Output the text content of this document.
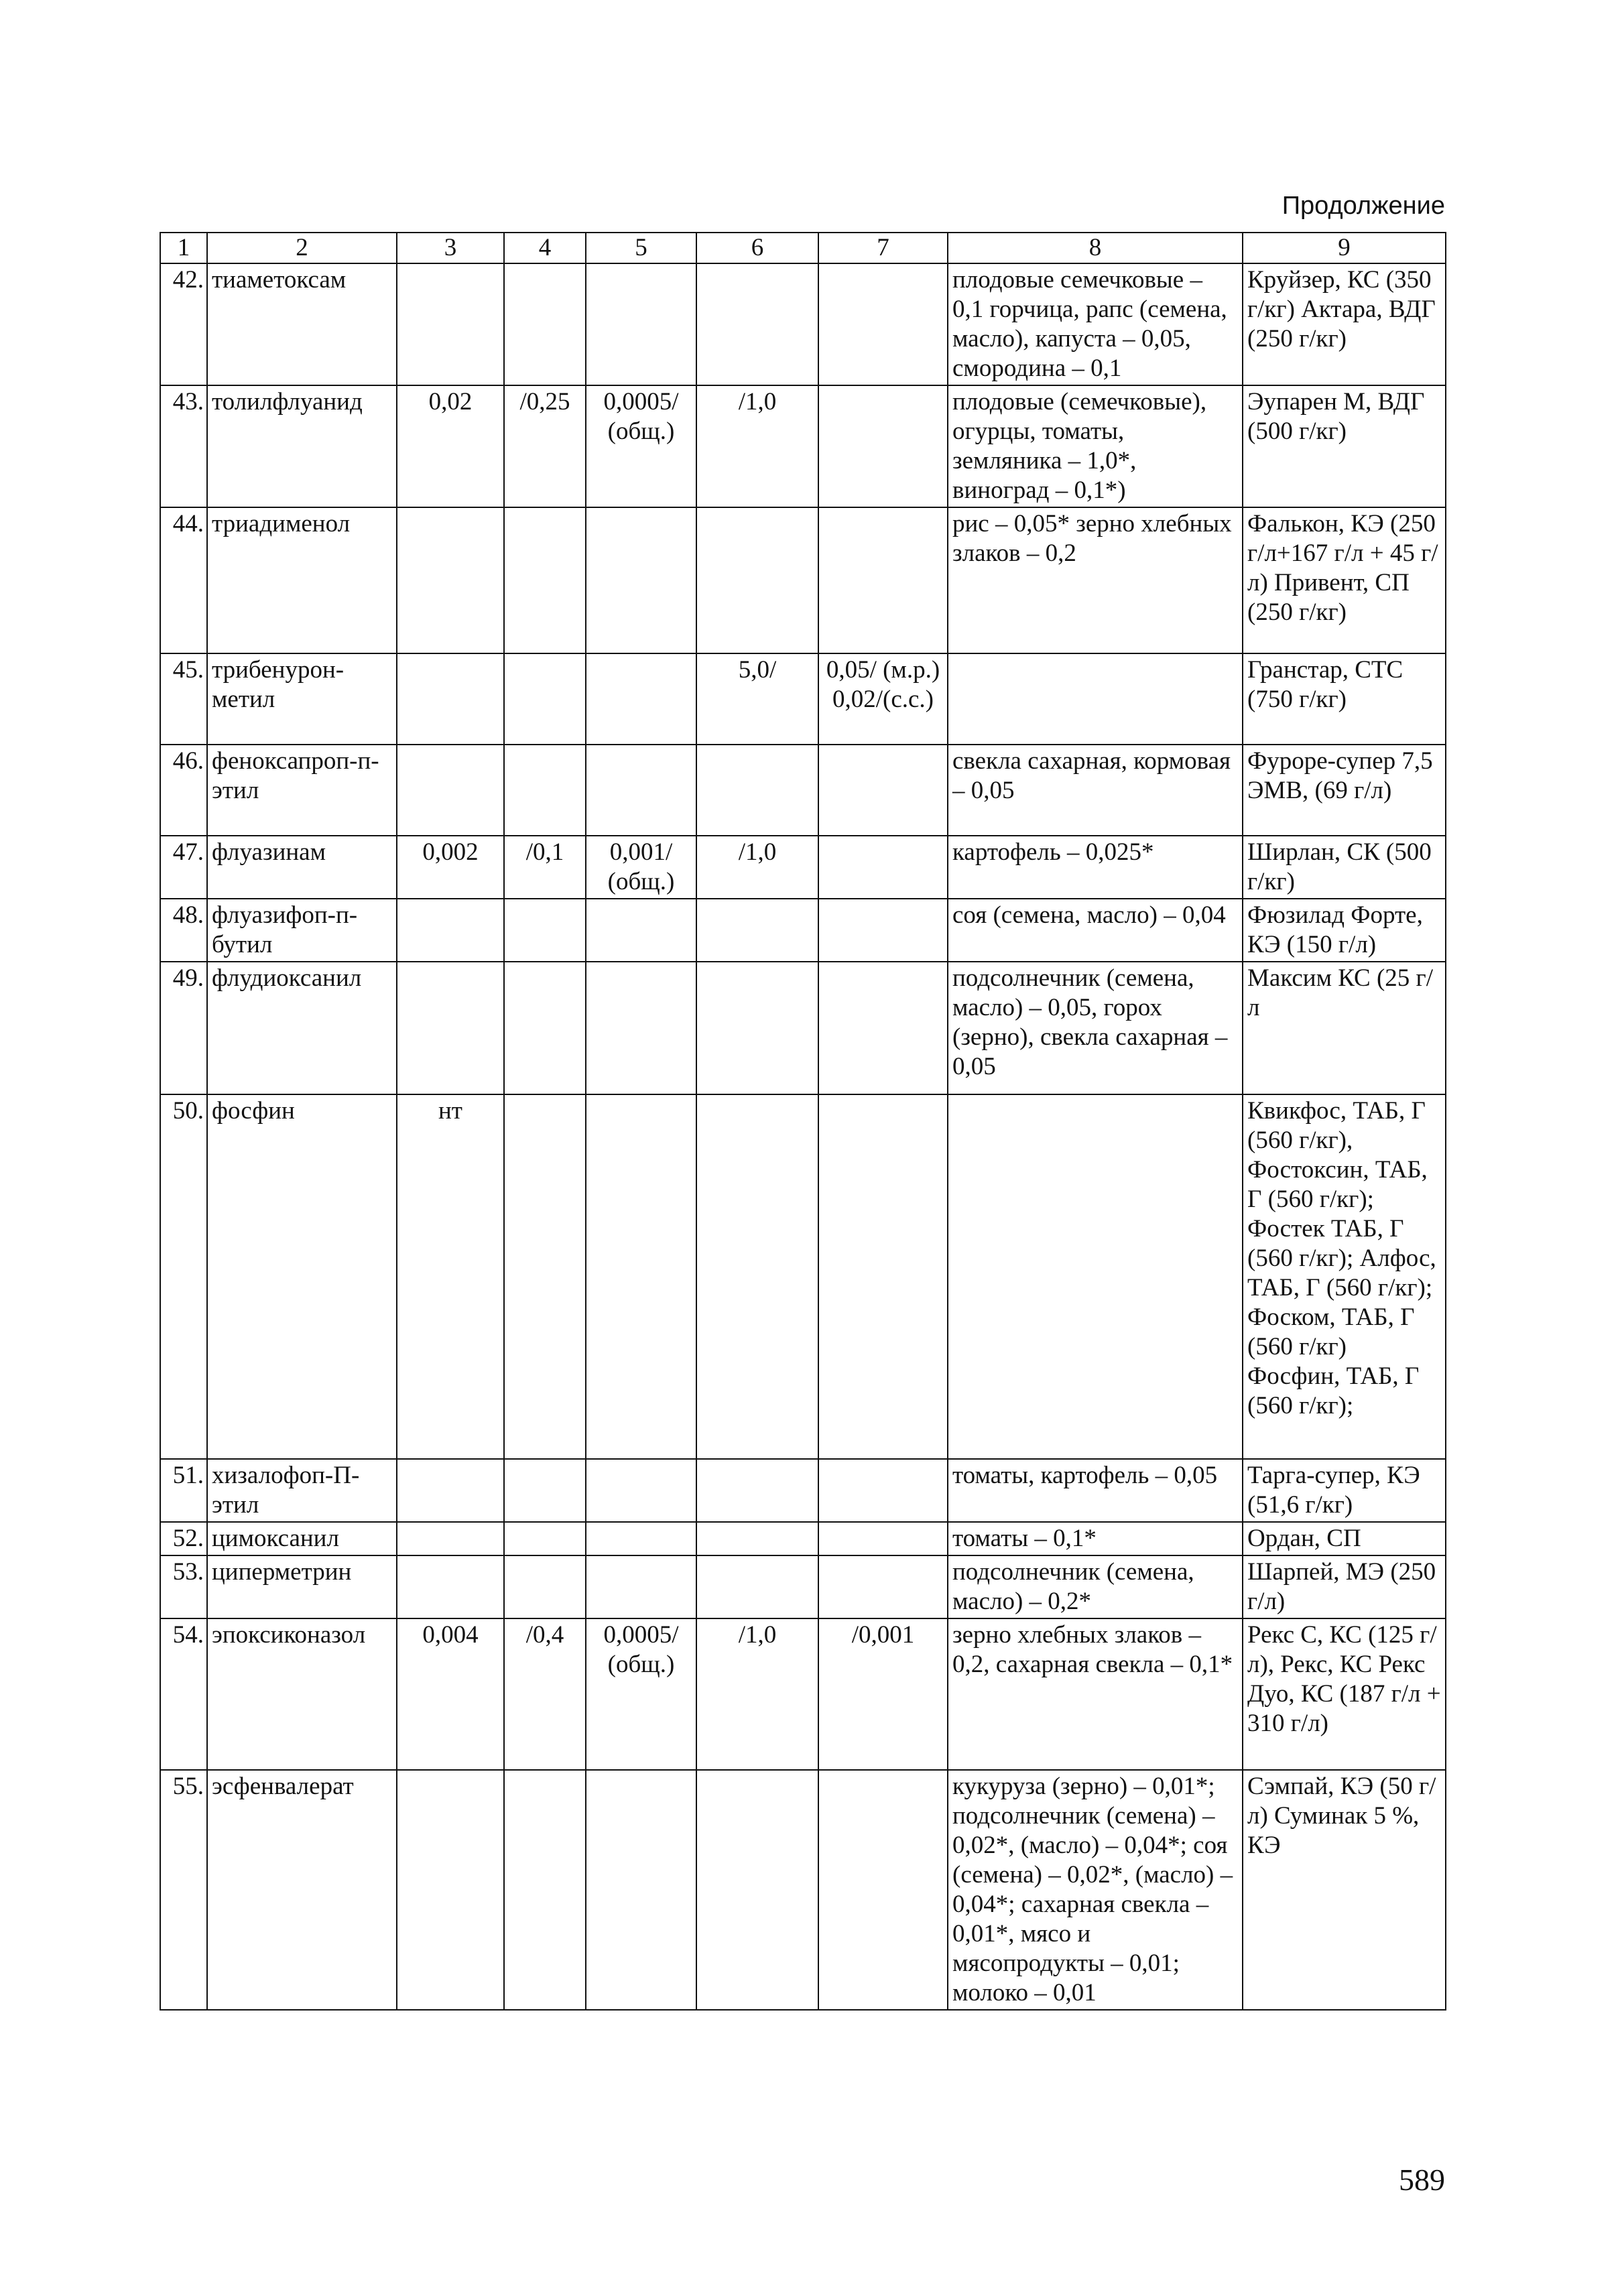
Продолжение
1	2	3	4	5	6	7	8	9
42.	тиаметоксам						плодовые семечковые – 0,1 горчица, рапс (семена, масло), капуста – 0,05, смородина – 0,1	Круйзер, КС (350 г/кг) Актара, ВДГ (250 г/кг)
43.	толилфлуанид	0,02	/0,25	0,0005/ (общ.)	/1,0		плодовые (семечковые), огурцы, томаты, земляника – 1,0*, виноград – 0,1*)	Эупарен М, ВДГ (500 г/кг)
44.	триадименол						рис – 0,05* зерно хлебных злаков – 0,2	Фалькон, КЭ (250 г/л+167 г/л + 45 г/л) Привент, СП (250 г/кг)
45.	трибенурон-метил				5,0/	0,05/ (м.р.) 0,02/(с.с.)		Гранстар, СТС (750 г/кг)
46.	феноксапроп-п-этил						свекла сахарная, кормовая – 0,05	Фуроре-супер 7,5 ЭМВ, (69 г/л)
47.	флуазинам	0,002	/0,1	0,001/ (общ.)	/1,0		картофель – 0,025*	Ширлан, СК (500 г/кг)
48.	флуазифоп-п-бутил						соя (семена, масло) – 0,04	Фюзилад Форте, КЭ (150 г/л)
49.	флудиоксанил						подсолнечник (семена, масло) – 0,05, горох (зерно), свекла сахарная – 0,05	Максим КС (25 г/л
50.	фосфин	нт						Квикфос, ТАБ, Г (560 г/кг), Фостоксин, ТАБ, Г (560 г/кг); Фостек ТАБ, Г (560 г/кг); Алфос, ТАБ, Г (560 г/кг); Фоском, ТАБ, Г (560 г/кг) Фосфин, ТАБ, Г (560 г/кг);
51.	хизалофоп-П-этил						томаты, картофель – 0,05	Тарга-супер, КЭ (51,6 г/кг)
52.	цимоксанил						томаты – 0,1*	Ордан, СП
53.	циперметрин						подсолнечник (семена, масло) – 0,2*	Шарпей, МЭ (250 г/л)
54.	эпоксиконазол	0,004	/0,4	0,0005/ (общ.)	/1,0	/0,001	зерно хлебных злаков – 0,2, сахарная свекла – 0,1*	Рекс С, КС (125 г/л), Рекс, КС Рекс Дуо, КС (187 г/л + 310 г/л)
55.	эсфенвалерат						кукуруза (зерно) – 0,01*; подсолнечник (семена) – 0,02*, (масло) – 0,04*; соя (семена) – 0,02*, (масло) – 0,04*; сахарная свекла – 0,01*, мясо и мясопродукты – 0,01; молоко – 0,01	Сэмпай, КЭ (50 г/л) Суминак 5 %, КЭ
589
